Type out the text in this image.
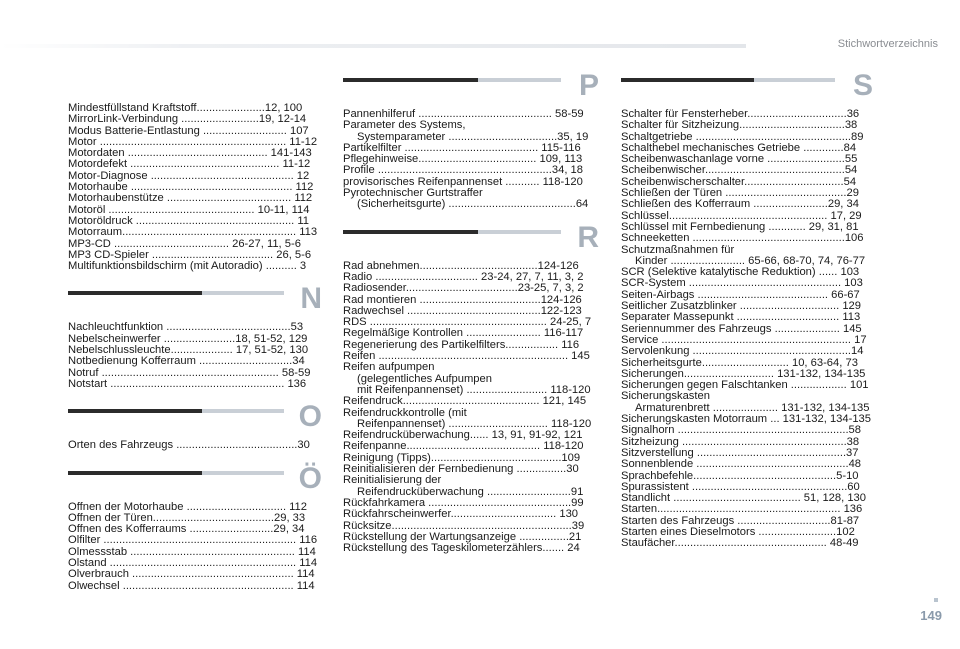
Stichwortverzeichnis
Mindestfüllstand Kraftstoff......................12, 100
MirrorLink-Verbindung .........................19, 12-14
Modus Batterie-Entlastung ........................... 107
Motor ............................................................ 11-12
Motordaten ............................................. 141-143
Motordefekt ................................................ 11-12
Motor-Diagnose .............................................. 12
Motorhaube .................................................... 112
Motorhaubenstütze ........................................ 112
Motoröl ............................................... 10-11, 114
Motoröldruck ................................................... 11
Motorraum........................................................ 113
MP3-CD ..................................... 26-27, 11, 5-6
MP3 CD-Spieler ....................................... 26, 5-6
Multifunktionsbildschirm (mit Autoradio) .......... 3
N
Nachleuchtfunktion ........................................53
Nebelscheinwerfer .......................18, 51-52, 129
Nebelschlussleuchte.................... 17, 51-52, 130
Notbedienung Kofferraum ..............................34
Notruf ......................................................... 58-59
Notstart ........................................................ 136
O
Orten des Fahrzeugs .......................................30
Ö
Öffnen der Motorhaube ................................ 112
Öffnen der Türen.......................................29, 33
Öffnen des Kofferraums ...........................29, 34
Ölfilter .............................................................. 116
Ölmessstab ..................................................... 114
Ölstand ............................................................ 114
Ölverbrauch .................................................... 114
Ölwechsel ....................................................... 114
P
Pannenhilferuf ........................................... 58-59
Parameter des Systems,
Systemparameter ...................................35, 19
Partikelfilter ........................................... 115-116
Pflegehinweise...................................... 109, 113
Profile ........................................................34, 18
provisorisches Reifenpannenset ........... 118-120
Pyrotechnischer Gurtstraffer
(Sicherheitsgurte) .........................................64
R
Rad abnehmen......................................124-126
Radio ................................. 23-24, 27, 7, 11, 3, 2
Radiosender....................................23-25, 7, 3, 2
Rad montieren .......................................124-126
Radwechsel ...........................................122-123
RDS ......................................................... 24-25, 7
Regelmäßige Kontrollen ........................ 116-117
Regenerierung des Partikelfilters................. 116
Reifen ............................................................. 145
Reifen aufpumpen
(gelegentliches Aufpumpen
mit Reifenpannenset) .......................... 118-120
Reifendruck............................................ 121, 145
Reifendruckkontrolle (mit
Reifenpannenset) ................................ 118-120
Reifendrucküberwachung...... 13, 91, 91-92, 121
Reifenpanne........................................... 118-120
Reinigung (Tipps)..........................................109
Reinitialisieren der Fernbedienung ................30
Reinitialisierung der
Reifendrucküberwachung ...........................91
Rückfahrkamera ..............................................99
Rückfahrscheinwerfer.................................. 130
Rücksitze..........................................................39
Rückstellung der Wartungsanzeige ................21
Rückstellung des Tageskilometerzählers....... 24
S
Schalter für Fensterheber................................36
Schalter für Sitzheizung..................................38
Schaltgetriebe ..................................................89
Schalthebel mechanisches Getriebe .............84
Scheibenwaschanlage vorne .........................55
Scheibenwischer.............................................54
Scheibenwischerschalter................................54
Schließen der Türen .......................................29
Schließen des Kofferraum ........................29, 34
Schlüssel................................................... 17, 29
Schlüssel mit Fernbedienung ............ 29, 31, 81
Schneeketten .................................................106
Schutzmaßnahmen für
Kinder ........................ 65-66, 68-70, 74, 76-77
SCR (Selektive katalytische Reduktion) ...... 103
SCR-System ................................................. 103
Seiten-Airbags .......................................... 66-67
Seitlicher Zusatzblinker ................................ 129
Separater Massepunkt ................................. 113
Seriennummer des Fahrzeugs ..................... 145
Service ............................................................. 17
Servolenkung ...................................................14
Sicherheitsgurte............................ 10, 63-64, 73
Sicherungen............................. 131-132, 134-135
Sicherungen gegen Falschtanken .................. 101
Sicherungskasten
Armaturenbrett ..................... 131-132, 134-135
Sicherungskasten Motorraum ... 131-132, 134-135
Signalhorn .......................................................58
Sitzheizung .....................................................38
Sitzverstellung ................................................37
Sonnenblende .................................................48
Sprachbefehle..............................................5-10
Spurassistent ..................................................60
Standlicht ......................................... 51, 128, 130
Starten........................................................... 136
Starten des Fahrzeugs ..............................81-87
Starten eines Dieselmotors .........................102
Staufächer................................................. 48-49
149
